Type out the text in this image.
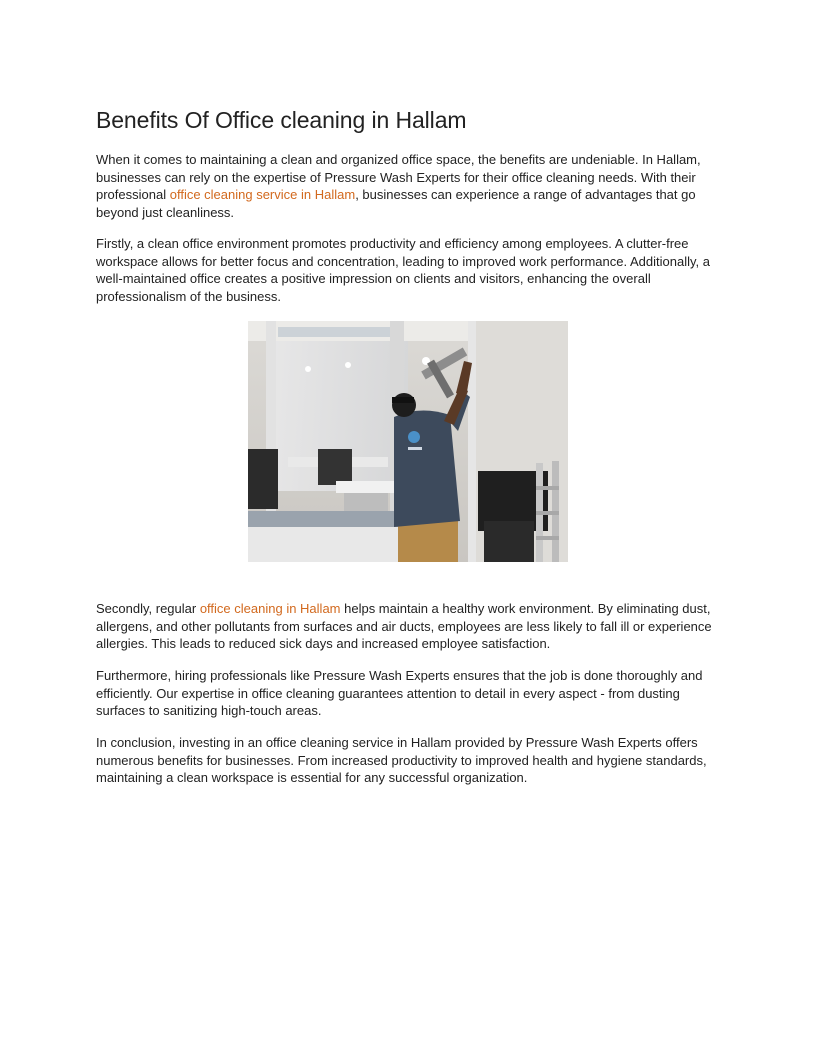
Benefits Of Office cleaning in Hallam

When it comes to maintaining a clean and organized office space, the benefits are undeniable. In Hallam, businesses can rely on the expertise of Pressure Wash Experts for their office cleaning needs. With their professional office cleaning service in Hallam, businesses can experience a range of advantages that go beyond just cleanliness.

Firstly, a clean office environment promotes productivity and efficiency among employees. A clutter-free workspace allows for better focus and concentration, leading to improved work performance. Additionally, a well-maintained office creates a positive impression on clients and visitors, enhancing the overall professionalism of the business.

Secondly, regular office cleaning in Hallam helps maintain a healthy work environment. By eliminating dust, allergens, and other pollutants from surfaces and air ducts, employees are less likely to fall ill or experience allergies. This leads to reduced sick days and increased employee satisfaction.

Furthermore, hiring professionals like Pressure Wash Experts ensures that the job is done thoroughly and efficiently. Our expertise in office cleaning guarantees attention to detail in every aspect - from dusting surfaces to sanitizing high-touch areas.

In conclusion, investing in an office cleaning service in Hallam provided by Pressure Wash Experts offers numerous benefits for businesses. From increased productivity to improved health and hygiene standards, maintaining a clean workspace is essential for any successful organization.
